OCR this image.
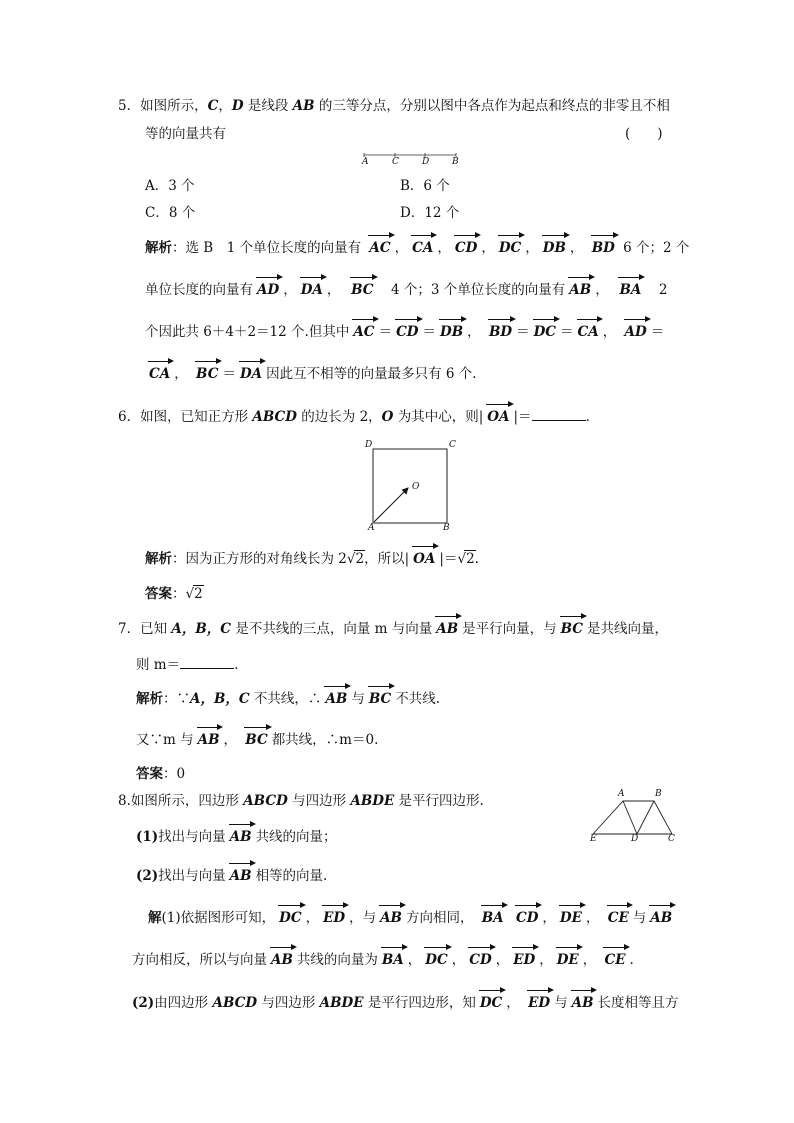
5．如图所示，C，D 是线段 AB 的三等分点，分别以图中各点作为起点和终点的非零且不相
等的向量共有	(　　)
A	C	D	B
A．3 个	B．6 个
C．8 个	D．12 个
解析：选 B　1 个单位长度的向量有 AC ， CA ， CD ， DC ， DB ， BD 6 个；2 个
单位长度的向量有 AD ， DA ，　 BC　 4 个；3 个单位长度的向量有 AB ，　 BA　 2
个因此共 6＋4＋2＝12 个.但其中 AC ＝ CD ＝ DB ， BD ＝ DC ＝ CA ， AD ＝
CA ， BC ＝ DA 因此互不相等的向量最多只有 6 个.
6．如图，已知正方形 ABCD 的边长为 2，O 为其中心，则| OA |＝	.
D	C
O
A	B
解析：因为正方形的对角线长为 2√2
，所以| OA |＝√2
.
答案：√2
7．已知 A，B，C 是不共线的三点，向量 m 与向量 AB 是平行向量，与 BC 是共线向量，
则 m＝	.
解析：∵A，B，C 不共线，∴ AB 与 BC 不共线.
又∵m 与 AB ， BC 都共线，∴m＝0.
答案：0
8.如图所示，四边形 ABCD 与四边形 ABDE 是平行四边形.	A	B
E	D	C
(1)找出与向量 AB 共线的向量；
(2)找出与向量 AB 相等的向量.
解(1)依据图形可知， DC ， ED ，与 AB 方向相同， BA CD ， DE ， CE 与 AB
方向相反，所以与向量 AB 共线的向量为 BA ， DC ， CD ， ED ， DE ， CE .
(2)由四边形 ABCD 与四边形 ABDE 是平行四边形，知 DC ， ED 与 AB 长度相等且方
